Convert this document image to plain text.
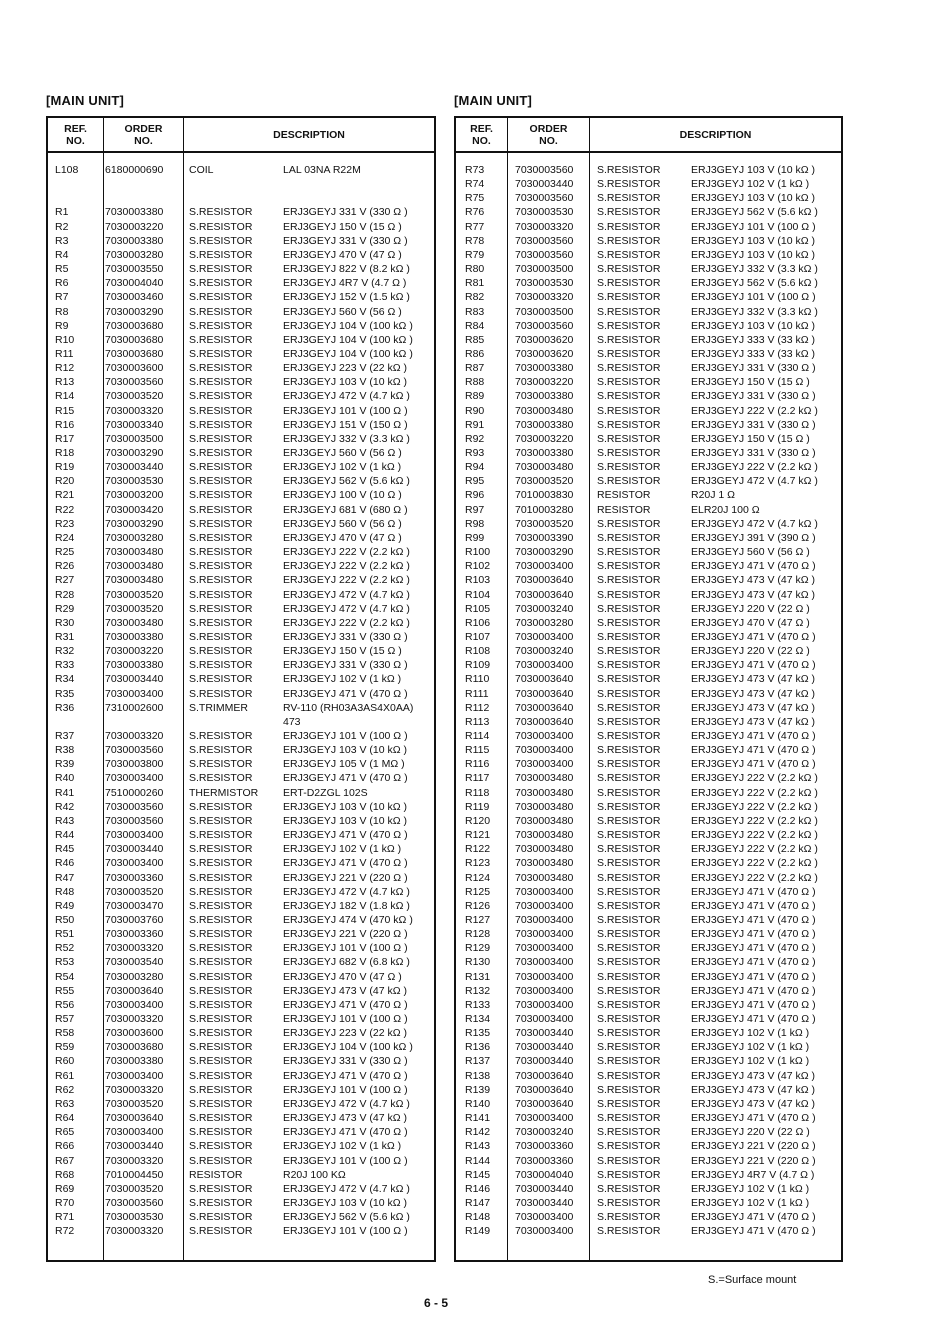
[MAIN UNIT]	[MAIN UNIT]
REF.
NO.
ORDER
NO.	DESCRIPTION
L108	6180000690 COIL	LAL 03NA R22M
R1	7030003380 S.RESISTOR	ERJ3GEYJ 331 V (330 Ω )
R2	7030003220 S.RESISTOR	ERJ3GEYJ 150 V (15 Ω )
R3	7030003380 S.RESISTOR	ERJ3GEYJ 331 V (330 Ω )
R4	7030003280 S.RESISTOR	ERJ3GEYJ 470 V (47 Ω )
R5	7030003550 S.RESISTOR	ERJ3GEYJ 822 V (8.2 kΩ )
R6	7030004040 S.RESISTOR	ERJ3GEYJ 4R7 V (4.7 Ω )
R7	7030003460 S.RESISTOR	ERJ3GEYJ 152 V (1.5 kΩ )
R8	7030003290 S.RESISTOR	ERJ3GEYJ 560 V (56 Ω )
R9	7030003680 S.RESISTOR	ERJ3GEYJ 104 V (100 kΩ )
R10	7030003680 S.RESISTOR	ERJ3GEYJ 104 V (100 kΩ )
R11	7030003680 S.RESISTOR	ERJ3GEYJ 104 V (100 kΩ )
R12	7030003600 S.RESISTOR	ERJ3GEYJ 223 V (22 kΩ )
R13	7030003560 S.RESISTOR	ERJ3GEYJ 103 V (10 kΩ )
R14	7030003520 S.RESISTOR	ERJ3GEYJ 472 V (4.7 kΩ )
R15	7030003320 S.RESISTOR	ERJ3GEYJ 101 V (100 Ω )
R16	7030003340 S.RESISTOR	ERJ3GEYJ 151 V (150 Ω )
R17	7030003500 S.RESISTOR	ERJ3GEYJ 332 V (3.3 kΩ )
R18	7030003290 S.RESISTOR	ERJ3GEYJ 560 V (56 Ω )
R19	7030003440 S.RESISTOR	ERJ3GEYJ 102 V (1 kΩ )
R20	7030003530 S.RESISTOR	ERJ3GEYJ 562 V (5.6 kΩ )
R21	7030003200 S.RESISTOR	ERJ3GEYJ 100 V (10 Ω )
R22	7030003420 S.RESISTOR	ERJ3GEYJ 681 V (680 Ω )
R23	7030003290 S.RESISTOR	ERJ3GEYJ 560 V (56 Ω )
R24	7030003280 S.RESISTOR	ERJ3GEYJ 470 V (47 Ω )
R25	7030003480 S.RESISTOR	ERJ3GEYJ 222 V (2.2 kΩ )
R26	7030003480 S.RESISTOR	ERJ3GEYJ 222 V (2.2 kΩ )
R27	7030003480 S.RESISTOR	ERJ3GEYJ 222 V (2.2 kΩ )
R28	7030003520 S.RESISTOR	ERJ3GEYJ 472 V (4.7 kΩ )
R29	7030003520 S.RESISTOR	ERJ3GEYJ 472 V (4.7 kΩ )
R30	7030003480 S.RESISTOR	ERJ3GEYJ 222 V (2.2 kΩ )
R31	7030003380 S.RESISTOR	ERJ3GEYJ 331 V (330 Ω )
R32	7030003220 S.RESISTOR	ERJ3GEYJ 150 V (15 Ω )
R33	7030003380 S.RESISTOR	ERJ3GEYJ 331 V (330 Ω )
R34	7030003440 S.RESISTOR	ERJ3GEYJ 102 V (1 kΩ )
R35	7030003400 S.RESISTOR	ERJ3GEYJ 471 V (470 Ω )
R36	7310002600 S.TRIMMER	RV-110 (RH03A3AS4X0AA)
473
R37	7030003320 S.RESISTOR	ERJ3GEYJ 101 V (100 Ω )
R38	7030003560 S.RESISTOR	ERJ3GEYJ 103 V (10 kΩ )
R39	7030003800 S.RESISTOR	ERJ3GEYJ 105 V (1 MΩ )
R40	7030003400 S.RESISTOR	ERJ3GEYJ 471 V (470 Ω )
R41	7510000260 THERMISTOR ERT-D2ZGL 102S
R42	7030003560 S.RESISTOR	ERJ3GEYJ 103 V (10 kΩ )
R43	7030003560 S.RESISTOR	ERJ3GEYJ 103 V (10 kΩ )
R44	7030003400 S.RESISTOR	ERJ3GEYJ 471 V (470 Ω )
R45	7030003440 S.RESISTOR	ERJ3GEYJ 102 V (1 kΩ )
R46	7030003400 S.RESISTOR	ERJ3GEYJ 471 V (470 Ω )
R47	7030003360 S.RESISTOR	ERJ3GEYJ 221 V (220 Ω )
R48	7030003520 S.RESISTOR	ERJ3GEYJ 472 V (4.7 kΩ )
R49	7030003470 S.RESISTOR	ERJ3GEYJ 182 V (1.8 kΩ )
R50	7030003760 S.RESISTOR	ERJ3GEYJ 474 V (470 kΩ )
R51	7030003360 S.RESISTOR	ERJ3GEYJ 221 V (220 Ω )
R52	7030003320 S.RESISTOR	ERJ3GEYJ 101 V (100 Ω )
R53	7030003540 S.RESISTOR	ERJ3GEYJ 682 V (6.8 kΩ )
R54	7030003280 S.RESISTOR	ERJ3GEYJ 470 V (47 Ω )
R55	7030003640 S.RESISTOR	ERJ3GEYJ 473 V (47 kΩ )
R56	7030003400 S.RESISTOR	ERJ3GEYJ 471 V (470 Ω )
R57	7030003320 S.RESISTOR	ERJ3GEYJ 101 V (100 Ω )
R58	7030003600 S.RESISTOR	ERJ3GEYJ 223 V (22 kΩ )
R59	7030003680 S.RESISTOR	ERJ3GEYJ 104 V (100 kΩ )
R60	7030003380 S.RESISTOR	ERJ3GEYJ 331 V (330 Ω )
R61	7030003400 S.RESISTOR	ERJ3GEYJ 471 V (470 Ω )
R62	7030003320 S.RESISTOR	ERJ3GEYJ 101 V (100 Ω )
R63	7030003520 S.RESISTOR	ERJ3GEYJ 472 V (4.7 kΩ )
R64	7030003640 S.RESISTOR	ERJ3GEYJ 473 V (47 kΩ )
R65	7030003400 S.RESISTOR	ERJ3GEYJ 471 V (470 Ω )
R66	7030003440 S.RESISTOR	ERJ3GEYJ 102 V (1 kΩ )
R67	7030003320 S.RESISTOR	ERJ3GEYJ 101 V (100 Ω )
R68	7010004450 RESISTOR	R20J 100 KΩ
R69	7030003520 S.RESISTOR	ERJ3GEYJ 472 V (4.7 kΩ )
R70	7030003560 S.RESISTOR	ERJ3GEYJ 103 V (10 kΩ )
R71	7030003530 S.RESISTOR	ERJ3GEYJ 562 V (5.6 kΩ )
R72	7030003320 S.RESISTOR	ERJ3GEYJ 101 V (100 Ω )
REF.
NO.
ORDER
NO.	DESCRIPTION
R73	7030003560 S.RESISTOR	ERJ3GEYJ 103 V (10 kΩ )
R74	7030003440 S.RESISTOR	ERJ3GEYJ 102 V (1 kΩ )
R75	7030003560 S.RESISTOR	ERJ3GEYJ 103 V (10 kΩ )
R76	7030003530 S.RESISTOR	ERJ3GEYJ 562 V (5.6 kΩ )
R77	7030003320 S.RESISTOR	ERJ3GEYJ 101 V (100 Ω )
R78	7030003560 S.RESISTOR	ERJ3GEYJ 103 V (10 kΩ )
R79	7030003560 S.RESISTOR	ERJ3GEYJ 103 V (10 kΩ )
R80	7030003500 S.RESISTOR	ERJ3GEYJ 332 V (3.3 kΩ )
R81	7030003530 S.RESISTOR	ERJ3GEYJ 562 V (5.6 kΩ )
R82	7030003320 S.RESISTOR	ERJ3GEYJ 101 V (100 Ω )
R83	7030003500 S.RESISTOR	ERJ3GEYJ 332 V (3.3 kΩ )
R84	7030003560 S.RESISTOR	ERJ3GEYJ 103 V (10 kΩ )
R85	7030003620 S.RESISTOR	ERJ3GEYJ 333 V (33 kΩ )
R86	7030003620 S.RESISTOR	ERJ3GEYJ 333 V (33 kΩ )
R87	7030003380 S.RESISTOR	ERJ3GEYJ 331 V (330 Ω )
R88	7030003220 S.RESISTOR	ERJ3GEYJ 150 V (15 Ω )
R89	7030003380 S.RESISTOR	ERJ3GEYJ 331 V (330 Ω )
R90	7030003480 S.RESISTOR	ERJ3GEYJ 222 V (2.2 kΩ )
R91	7030003380 S.RESISTOR	ERJ3GEYJ 331 V (330 Ω )
R92	7030003220 S.RESISTOR	ERJ3GEYJ 150 V (15 Ω )
R93	7030003380 S.RESISTOR	ERJ3GEYJ 331 V (330 Ω )
R94	7030003480 S.RESISTOR	ERJ3GEYJ 222 V (2.2 kΩ )
R95	7030003520 S.RESISTOR	ERJ3GEYJ 472 V (4.7 kΩ )
R96	7010003830 RESISTOR	R20J 1 Ω
R97	7010003280 RESISTOR	ELR20J 100 Ω
R98	7030003520 S.RESISTOR	ERJ3GEYJ 472 V (4.7 kΩ )
R99	7030003390 S.RESISTOR	ERJ3GEYJ 391 V (390 Ω )
R100 7030003290 S.RESISTOR	ERJ3GEYJ 560 V (56 Ω )
R102 7030003400 S.RESISTOR	ERJ3GEYJ 471 V (470 Ω )
R103 7030003640 S.RESISTOR	ERJ3GEYJ 473 V (47 kΩ )
R104 7030003640 S.RESISTOR	ERJ3GEYJ 473 V (47 kΩ )
R105 7030003240 S.RESISTOR	ERJ3GEYJ 220 V (22 Ω )
R106 7030003280 S.RESISTOR	ERJ3GEYJ 470 V (47 Ω )
R107 7030003400 S.RESISTOR	ERJ3GEYJ 471 V (470 Ω )
R108 7030003240 S.RESISTOR	ERJ3GEYJ 220 V (22 Ω )
R109 7030003400 S.RESISTOR	ERJ3GEYJ 471 V (470 Ω )
R110 7030003640 S.RESISTOR	ERJ3GEYJ 473 V (47 kΩ )
R111	7030003640 S.RESISTOR	ERJ3GEYJ 473 V (47 kΩ )
R112 7030003640 S.RESISTOR	ERJ3GEYJ 473 V (47 kΩ )
R113 7030003640 S.RESISTOR	ERJ3GEYJ 473 V (47 kΩ )
R114 7030003400 S.RESISTOR	ERJ3GEYJ 471 V (470 Ω )
R115 7030003400 S.RESISTOR	ERJ3GEYJ 471 V (470 Ω )
R116 7030003400 S.RESISTOR	ERJ3GEYJ 471 V (470 Ω )
R117 7030003480 S.RESISTOR	ERJ3GEYJ 222 V (2.2 kΩ )
R118 7030003480 S.RESISTOR	ERJ3GEYJ 222 V (2.2 kΩ )
R119 7030003480 S.RESISTOR	ERJ3GEYJ 222 V (2.2 kΩ )
R120 7030003480 S.RESISTOR	ERJ3GEYJ 222 V (2.2 kΩ )
R121 7030003480 S.RESISTOR	ERJ3GEYJ 222 V (2.2 kΩ )
R122 7030003480 S.RESISTOR	ERJ3GEYJ 222 V (2.2 kΩ )
R123 7030003480 S.RESISTOR	ERJ3GEYJ 222 V (2.2 kΩ )
R124 7030003480 S.RESISTOR	ERJ3GEYJ 222 V (2.2 kΩ )
R125 7030003400 S.RESISTOR	ERJ3GEYJ 471 V (470 Ω )
R126 7030003400 S.RESISTOR	ERJ3GEYJ 471 V (470 Ω )
R127 7030003400 S.RESISTOR	ERJ3GEYJ 471 V (470 Ω )
R128 7030003400 S.RESISTOR	ERJ3GEYJ 471 V (470 Ω )
R129 7030003400 S.RESISTOR	ERJ3GEYJ 471 V (470 Ω )
R130 7030003400 S.RESISTOR	ERJ3GEYJ 471 V (470 Ω )
R131 7030003400 S.RESISTOR	ERJ3GEYJ 471 V (470 Ω )
R132 7030003400 S.RESISTOR	ERJ3GEYJ 471 V (470 Ω )
R133 7030003400 S.RESISTOR	ERJ3GEYJ 471 V (470 Ω )
R134 7030003400 S.RESISTOR	ERJ3GEYJ 471 V (470 Ω )
R135 7030003440 S.RESISTOR	ERJ3GEYJ 102 V (1 kΩ )
R136 7030003440 S.RESISTOR	ERJ3GEYJ 102 V (1 kΩ )
R137 7030003440 S.RESISTOR	ERJ3GEYJ 102 V (1 kΩ )
R138 7030003640 S.RESISTOR	ERJ3GEYJ 473 V (47 kΩ )
R139 7030003640 S.RESISTOR	ERJ3GEYJ 473 V (47 kΩ )
R140 7030003640 S.RESISTOR	ERJ3GEYJ 473 V (47 kΩ )
R141 7030003400 S.RESISTOR	ERJ3GEYJ 471 V (470 Ω )
R142 7030003240 S.RESISTOR	ERJ3GEYJ 220 V (22 Ω )
R143 7030003360 S.RESISTOR	ERJ3GEYJ 221 V (220 Ω )
R144 7030003360 S.RESISTOR	ERJ3GEYJ 221 V (220 Ω )
R145 7030004040 S.RESISTOR	ERJ3GEYJ 4R7 V (4.7 Ω )
R146 7030003440 S.RESISTOR	ERJ3GEYJ 102 V (1 kΩ )
R147 7030003440 S.RESISTOR	ERJ3GEYJ 102 V (1 kΩ )
R148 7030003400 S.RESISTOR	ERJ3GEYJ 471 V (470 Ω )
R149 7030003400 S.RESISTOR	ERJ3GEYJ 471 V (470 Ω )
S.=Surface mount
6 - 5
